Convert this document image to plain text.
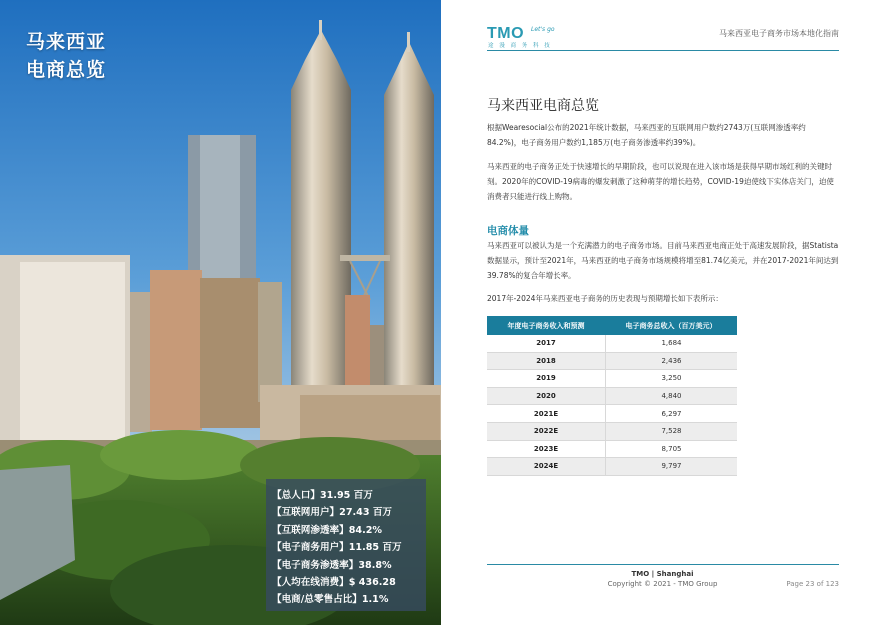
马来西亚
电商总览
【总人口】31.95 百万
【互联网用户】27.43 百万
【互联网渗透率】84.2%
【电子商务用户】11.85 百万
【电子商务渗透率】38.8%
【人均在线消费】$ 436.28
【电商/总零售占比】1.1%
TMO Let's go
途 漫 商 务 科 技
马来西亚电子商务市场本地化指南
马来西亚电商总览
根据Wearesocial公布的2021年统计数据，马来西亚的互联网用户数约2743万(互联网渗透率约84.2%)，电子商务用户数约1,185万(电子商务渗透率约39%)。
马来西亚的电子商务正处于快速增长的早期阶段，也可以说现在进入该市场是获得早期市场红利的关键时刻。2020年的COVID-19病毒的爆发刺激了这种萌芽的增长趋势，COVID-19迫使线下实体店关门，迫使消费者只能进行线上购物。
电商体量
马来西亚可以被认为是一个充满潜力的电子商务市场。目前马来西亚电商正处于高速发展阶段，据Statista数据显示，预计至2021年，马来西亚的电子商务市场规模将增至81.74亿美元，并在2017-2021年间达到39.78%的复合年增长率。
2017年-2024年马来西亚电子商务的历史表现与预期增长如下表所示：
年度电子商务收入和预测	电子商务总收入（百万美元）
2017	1,684
2018	2,436
2019	3,250
2020	4,840
2021E	6,297
2022E	7,528
2023E	8,705
2024E	9,797
TMO | Shanghai
Copyright © 2021 - TMO Group	Page 23 of 123
